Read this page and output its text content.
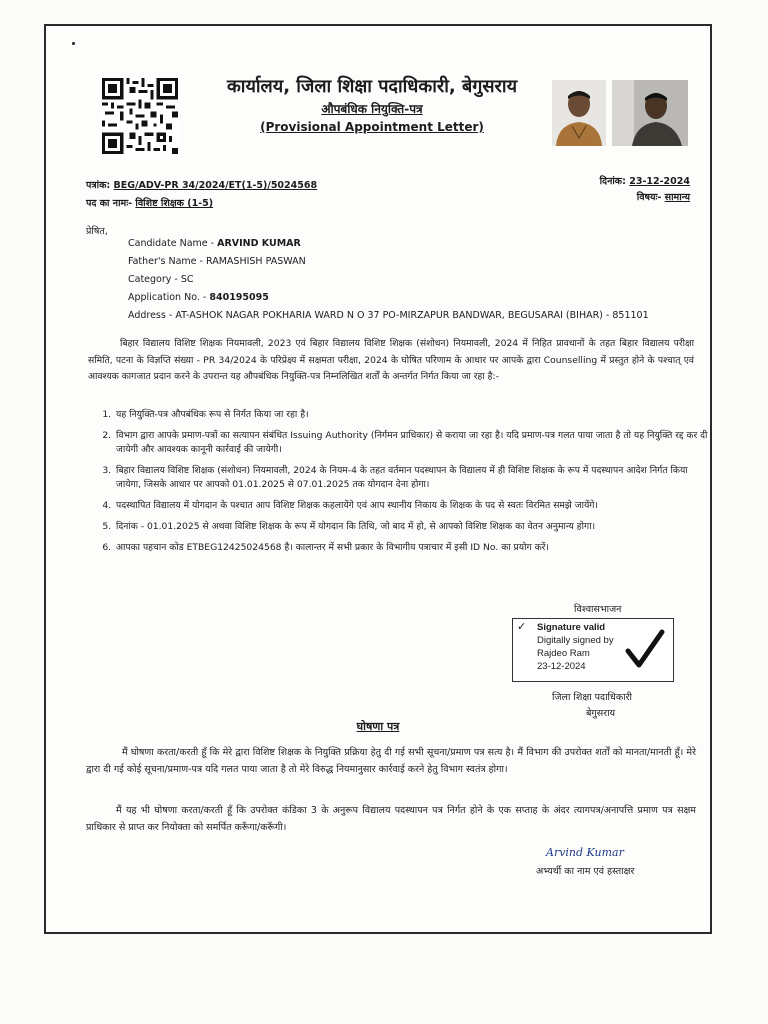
कार्यालय, जिला शिक्षा पदाधिकारी, बेगुसराय
औपबंधिक नियुक्ति-पत्र
(Provisional Appointment Letter)
पत्रांक: BEG/ADV-PR 34/2024/ET(1-5)/5024568
पद का नामः- विशिष्ट शिक्षक (1-5)
दिनांक: 23-12-2024
विषयः- सामान्य
प्रेषित,
Candidate Name - ARVIND KUMAR
Father's Name - RAMASHISH PASWAN
Category - SC
Application No. - 840195095
Address - AT-ASHOK NAGAR POKHARIA WARD N O 37 PO-MIRZAPUR BANDWAR, BEGUSARAI (BIHAR) - 851101
बिहार विद्यालय विशिष्ट शिक्षक नियमावली, 2023 एवं बिहार विद्यालय विशिष्ट शिक्षक (संशोधन) नियमावली, 2024 में निहित प्रावधानों के तहत बिहार विद्यालय परीक्षा समिति, पटना के विज्ञप्ति संख्या - PR 34/2024 के परिप्रेक्ष्य में सक्षमता परीक्षा, 2024 के घोषित परिणाम के आधार पर आपके द्वारा Counselling में प्रस्तुत होने के पश्चात् एवं आवश्यक कागजात प्रदान करने के उपरान्त यह औपबंधिक नियुक्ति-पत्र निम्नलिखित शर्तों के अन्तर्गत निर्गत किया जा रहा है:-
1. यह नियुक्ति-पत्र औपबंधिक रूप से निर्गत किया जा रहा है।
2. विभाग द्वारा आपके प्रमाण-पत्रों का सत्यापन संबंधित Issuing Authority (निर्गमन प्राधिकार) से कराया जा रहा है। यदि प्रमाण-पत्र गलत पाया जाता है तो यह नियुक्ति रद्द कर दी जायेगी और आवश्यक कानूनी कार्रवाई की जायेगी।
3. बिहार विद्यालय विशिष्ट शिक्षक (संशोधन) नियमावली, 2024 के नियम-4 के तहत वर्तमान पदस्थापन के विद्यालय में ही विशिष्ट शिक्षक के रूप में पदस्थापन आदेश निर्गत किया जायेगा, जिसके आधार पर आपको 01.01.2025 से 07.01.2025 तक योगदान देना होगा।
4. पदस्थापित विद्यालय में योगदान के पश्चात आप विशिष्ट शिक्षक कहलायेंगे एवं आप स्थानीय निकाय के शिक्षक के पद से स्वतः विरमित समझे जायेंगे।
5. दिनांक - 01.01.2025 से अथवा विशिष्ट शिक्षक के रूप में योगदान कि तिथि, जो बाद में हो, से आपको विशिष्ट शिक्षक का वेतन अनुमान्य होगा।
6. आपका पहचान कोड ETBEG12425024568 है। कालान्तर में सभी प्रकार के विभागीय पत्राचार में इसी ID No. का प्रयोग करें।
विश्वासभाजन
✓ Signature valid
Digitally signed by
Rajdeo Ram
23-12-2024
जिला शिक्षा पदाधिकारी
बेगुसराय
घोषणा पत्र
मैं घोषणा करता/करती हूँ कि मेरे द्वारा विशिष्ट शिक्षक के नियुक्ति प्रक्रिया हेतु दी गई सभी सूचना/प्रमाण पत्र सत्य है। मैं विभाग की उपरोक्त शर्तों को मानता/मानती हूँ। मेरे द्वारा दी गई कोई सूचना/प्रमाण-पत्र यदि गलत पाया जाता है तो मेरे विरुद्ध नियमानुसार कार्रवाई करने हेतु विभाग स्वतंत्र होगा।
मैं यह भी घोषणा करता/करती हूँ कि उपरोक्त कंडिका 3 के अनुरूप विद्यालय पदस्थापन पत्र निर्गत होने के एक सप्ताह के अंदर त्यागपत्र/अनापत्ति प्रमाण पत्र सक्षम प्राधिकार से प्राप्त कर नियोक्ता को समर्पित करूँगा/करूँगी।
Arvind Kumar
अभ्यर्थी का नाम एवं हस्ताक्षर
